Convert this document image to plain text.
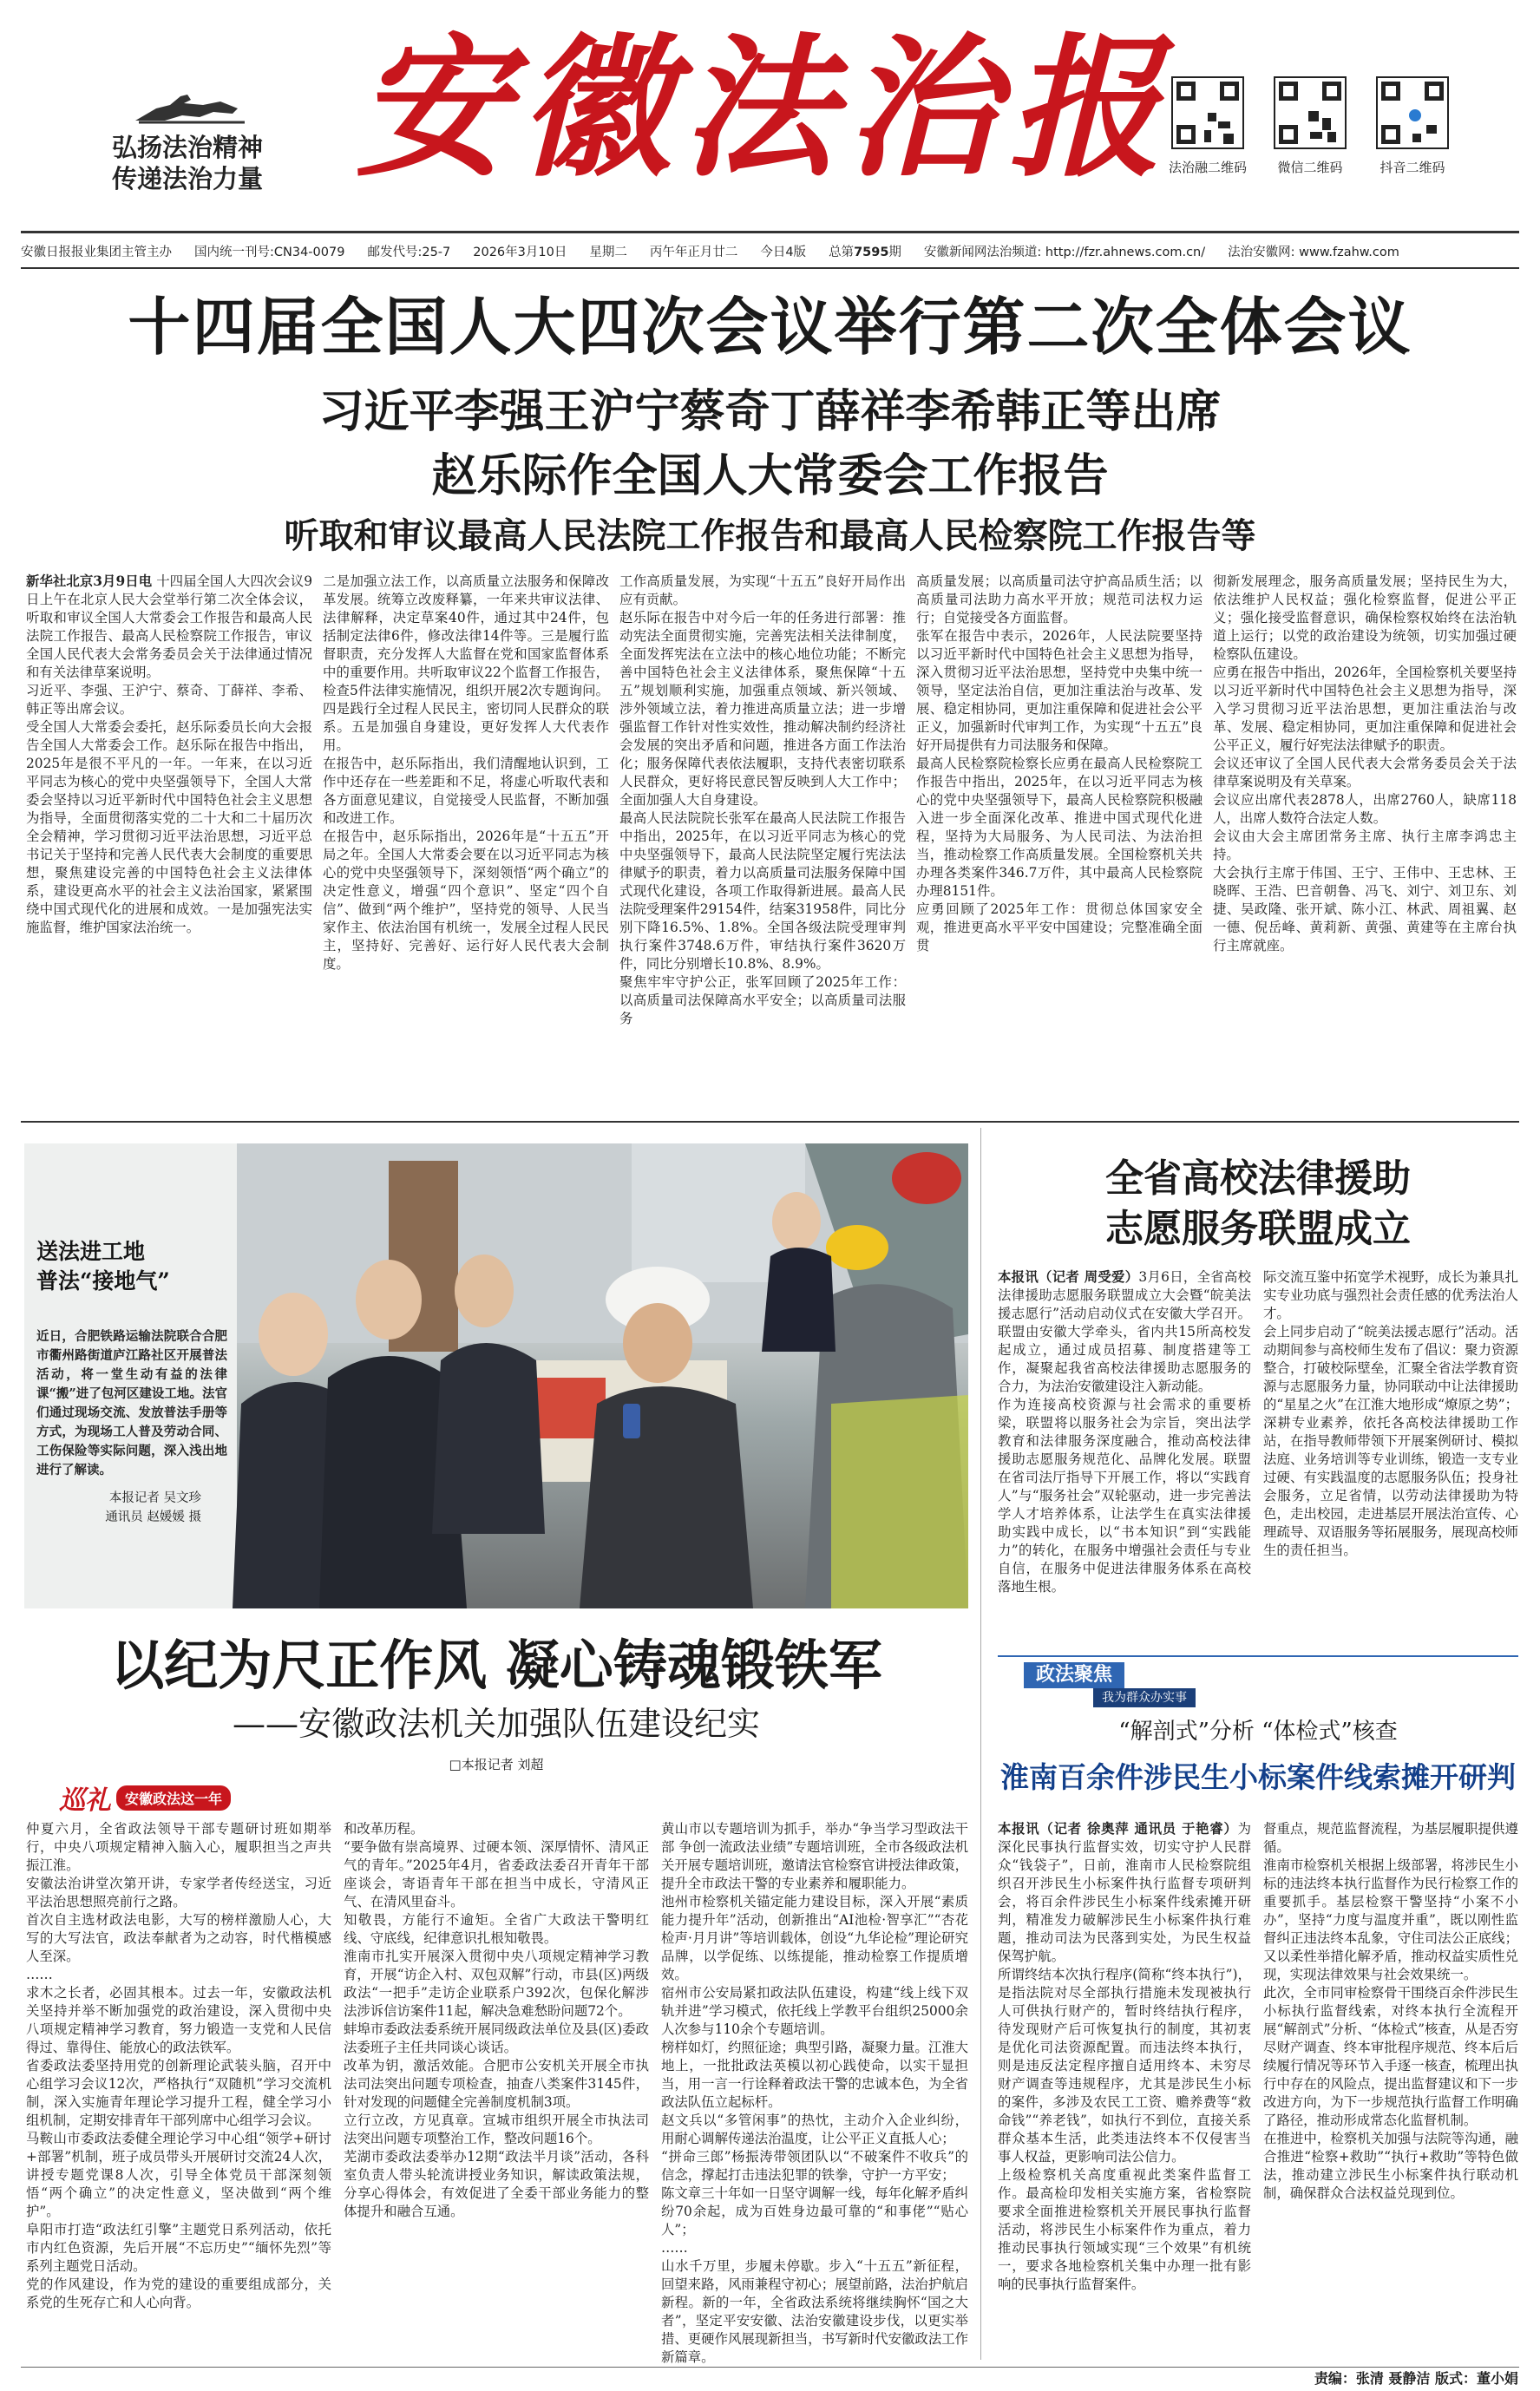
弘扬法治精神
传递法治力量 安徽法治报
法治融二维码	微信二维码	抖音二维码
安徽日报报业集团主管主办 国内统一刊号:CN34-0079 邮发代号:25-7 2026年3月10日 星期二 丙午年正月廿二 今日4版 总第7595期 安徽新闻网法治频道: http://fzr.ahnews.com.cn/ 法治安徽网: www.fzahw.com
十四届全国人大四次会议举行第二次全体会议
习近平李强王沪宁蔡奇丁薛祥李希韩正等出席
赵乐际作全国人大常委会工作报告
听取和审议最高人民法院工作报告和最高人民检察院工作报告等
新华社北京3月9日电 十四届全国人大四次会议9日上午在北京人民大会堂举行第二次全体会议，听取和审议全国人大常委会工作报告和最高人民法院工作报告、最高人民检察院工作报告，审议全国人民代表大会常务委员会关于法律通过情况和有关法律草案说明。
习近平、李强、王沪宁、蔡奇、丁薛祥、李希、韩正等出席会议。
受全国人大常委会委托，赵乐际委员长向大会报告全国人大常委会工作。赵乐际在报告中指出，2025年是很不平凡的一年。一年来，在以习近平同志为核心的党中央坚强领导下，全国人大常委会坚持以习近平新时代中国特色社会主义思想为指导，全面贯彻落实党的二十大和二十届历次全会精神，学习贯彻习近平法治思想，习近平总书记关于坚持和完善人民代表大会制度的重要思想，聚焦建设完善的中国特色社会主义法律体系，建设更高水平的社会主义法治国家，紧紧围绕中国式现代化的进展和成效。一是加强宪法实施监督，维护国家法治统一。
二是加强立法工作，以高质量立法服务和保障改革发展。统筹立改废释纂，一年来共审议法律、法律解释，决定草案40件，通过其中24件，包括制定法律6件，修改法律14件等。三是履行监督职责，充分发挥人大监督在党和国家监督体系中的重要作用。共听取审议22个监督工作报告，检查5件法律实施情况，组织开展2次专题询问。四是践行全过程人民民主，密切同人民群众的联系。五是加强自身建设，更好发挥人大代表作用。
在报告中，赵乐际指出，我们清醒地认识到，工作中还存在一些差距和不足，将虚心听取代表和各方面意见建议，自觉接受人民监督，不断加强和改进工作。
在报告中，赵乐际指出，2026年是“十五五”开局之年。全国人大常委会要在以习近平同志为核心的党中央坚强领导下，深刻领悟“两个确立”的决定性意义，增强“四个意识”、坚定“四个自信”、做到“两个维护”，坚持党的领导、人民当家作主、依法治国有机统一，发展全过程人民民主，坚持好、完善好、运行好人民代表大会制度。
工作高质量发展，为实现“十五五”良好开局作出应有贡献。
赵乐际在报告中对今后一年的任务进行部署：推动宪法全面贯彻实施，完善宪法相关法律制度，全面发挥宪法在立法中的核心地位功能；不断完善中国特色社会主义法律体系，聚焦保障“十五五”规划顺利实施，加强重点领域、新兴领域、涉外领域立法，着力推进高质量立法；进一步增强监督工作针对性实效性，推动解决制约经济社会发展的突出矛盾和问题，推进各方面工作法治化；服务保障代表依法履职，支持代表密切联系人民群众，更好将民意民智反映到人大工作中；全面加强人大自身建设。
最高人民法院院长张军在最高人民法院工作报告中指出，2025年，在以习近平同志为核心的党中央坚强领导下，最高人民法院坚定履行宪法法律赋予的职责，着力以高质量司法服务保障中国式现代化建设，各项工作取得新进展。最高人民法院受理案件29154件，结案31958件，同比分别下降16.5%、1.8%。全国各级法院受理审判执行案件3748.6万件，审结执行案件3620万件，同比分别增长10.8%、8.9%。
聚焦牢牢守护公正，张军回顾了2025年工作：以高质量司法保障高水平安全；以高质量司法服务
高质量发展；以高质量司法守护高品质生活；以高质量司法助力高水平开放；规范司法权力运行；自觉接受各方面监督。
张军在报告中表示，2026年，人民法院要坚持以习近平新时代中国特色社会主义思想为指导，深入贯彻习近平法治思想，坚持党中央集中统一领导，坚定法治自信，更加注重法治与改革、发展、稳定相协同，更加注重保障和促进社会公平正义，加强新时代审判工作，为实现“十五五”良好开局提供有力司法服务和保障。
最高人民检察院检察长应勇在最高人民检察院工作报告中指出，2025年，在以习近平同志为核心的党中央坚强领导下，最高人民检察院积极融入进一步全面深化改革、推进中国式现代化进程，坚持为大局服务、为人民司法、为法治担当，推动检察工作高质量发展。全国检察机关共办理各类案件346.7万件，其中最高人民检察院办理8151件。
应勇回顾了2025年工作：贯彻总体国家安全观，推进更高水平平安中国建设；完整准确全面贯
彻新发展理念，服务高质量发展；坚持民生为大，依法维护人民权益；强化检察监督，促进公平正义；强化接受监督意识，确保检察权始终在法治轨道上运行；以党的政治建设为统领，切实加强过硬检察队伍建设。
应勇在报告中指出，2026年，全国检察机关要坚持以习近平新时代中国特色社会主义思想为指导，深入学习贯彻习近平法治思想，更加注重法治与改革、发展、稳定相协同，更加注重保障和促进社会公平正义，履行好宪法法律赋予的职责。
会议还审议了全国人民代表大会常务委员会关于法律草案说明及有关草案。
会议应出席代表2878人，出席2760人，缺席118人，出席人数符合法定人数。
会议由大会主席团常务主席、执行主席李鸿忠主持。
大会执行主席于伟国、王宁、王伟中、王忠林、王晓晖、王浩、巴音朝鲁、冯飞、刘宁、刘卫东、刘捷、吴政隆、张开斌、陈小江、林武、周祖翼、赵一德、倪岳峰、黄莉新、黄强、黄建等在主席台执行主席就座。
送法进工地
普法“接地气”
近日，合肥铁路运输法院联合合肥市衢州路街道庐江路社区开展普法活动，将一堂生动有益的法律课“搬”进了包河区建设工地。法官们通过现场交流、发放普法手册等方式，为现场工人普及劳动合同、工伤保险等实际问题，深入浅出地进行了解读。
本报记者 吴文珍
通讯员 赵媛媛 摄
以纪为尺正作风 凝心铸魂锻铁军
——安徽政法机关加强队伍建设纪实
□本报记者 刘超
巡礼	安徽政法这一年
仲夏六月，全省政法领导干部专题研讨班如期举行，中央八项规定精神入脑入心，履职担当之声共振江淮。
安徽法治讲堂次第开讲，专家学者传经送宝，习近平法治思想照亮前行之路。
首次自主选材政法电影，大写的榜样激励人心，大写的大写法官，政法奉献者为之动容，时代楷模感人至深。
……
求木之长者，必固其根本。过去一年，安徽政法机关坚持并举不断加强党的政治建设，深入贯彻中央八项规定精神学习教育，努力锻造一支党和人民信得过、靠得住、能放心的政法铁军。
省委政法委坚持用党的创新理论武装头脑，召开中心组学习会议12次，严格执行“双随机”学习交流机制，深入实施青年理论学习提升工程，健全学习小组机制，定期安排青年干部列席中心组学习会议。
马鞍山市委政法委健全理论学习中心组“领学+研讨+部署”机制，班子成员带头开展研讨交流24人次，讲授专题党课8人次，引导全体党员干部深刻领悟“两个确立”的决定性意义，坚决做到“两个维护”。
阜阳市打造“政法红引擎”主题党日系列活动，依托市内红色资源，先后开展“不忘历史”“缅怀先烈”等系列主题党日活动。
党的作风建设，作为党的建设的重要组成部分，关系党的生死存亡和人心向背。
和改革历程。
“要争做有崇高境界、过硬本领、深厚情怀、清风正气的青年。”2025年4月，省委政法委召开青年干部座谈会，寄语青年干部在担当中成长，守清风正气、在清风里奋斗。
知敬畏，方能行不逾矩。全省广大政法干警明红线、守底线，纪律意识扎根知敬畏。
淮南市扎实开展深入贯彻中央八项规定精神学习教育，开展“访企入村、双包双解”行动，市县(区)两级政法“一把手”走访企业联系户392次，包保化解涉法涉诉信访案件11起，解决急难愁盼问题72个。
蚌埠市委政法委系统开展同级政法单位及县(区)委政法委班子主任共同谈心谈话。
改革为钥，激活效能。合肥市公安机关开展全市执法司法突出问题专项检查，抽查八类案件3145件，针对发现的问题健全完善制度机制3项。
立行立改，方见真章。宣城市组织开展全市执法司法突出问题专项整治工作，整改问题16个。
芜湖市委政法委举办12期“政法半月谈”活动，各科室负责人带头轮流讲授业务知识，解读政策法规，分享心得体会，有效促进了全委干部业务能力的整体提升和融合互通。
黄山市以专题培训为抓手，举办“争当学习型政法干部 争创一流政法业绩”专题培训班，全市各级政法机关开展专题培训班，邀请法官检察官讲授法律政策，提升全市政法干警的专业素养和履职能力。
池州市检察机关锚定能力建设目标，深入开展“素质能力提升年”活动，创新推出“AI池检·智享汇”“杏花检声·月月讲”等培训载体，创设“九华论检”理论研究品牌，以学促练、以练提能，推动检察工作提质增效。
宿州市公安局紧扣政法队伍建设，构建“线上线下双轨并进”学习模式，依托线上学教平台组织25000余人次参与110余个专题培训。
榜样如灯，约照征途；典型引路，凝聚力量。江淮大地上，一批批政法英模以初心践使命，以实干显担当，用一言一行诠释着政法干警的忠诚本色，为全省政法队伍立起标杆。
赵文兵以“多管闲事”的热忱，主动介入企业纠纷，用耐心调解传递法治温度，让公平正义直抵人心；
“拼命三郎”杨振涛带领团队以“不破案件不收兵”的信念，撑起打击违法犯罪的铁拳，守护一方平安；
陈文章三十年如一日坚守调解一线，每年化解矛盾纠纷70余起，成为百姓身边最可靠的“和事佬”“贴心人”；
……
山水千万里，步履未停歇。步入“十五五”新征程，回望来路，风雨兼程守初心；展望前路，法治护航启新程。新的一年，全省政法系统将继续胸怀“国之大者”，坚定平安安徽、法治安徽建设步伐，以更实举措、更硬作风展现新担当，书写新时代安徽政法工作新篇章。
全省高校法律援助
志愿服务联盟成立
本报讯（记者 周受爱）3月6日，全省高校法律援助志愿服务联盟成立大会暨“皖美法援志愿行”活动启动仪式在安徽大学召开。联盟由安徽大学牵头，省内共15所高校发起成立，通过成员招募、制度搭建等工作，凝聚起我省高校法律援助志愿服务的合力，为法治安徽建设注入新动能。
作为连接高校资源与社会需求的重要桥梁，联盟将以服务社会为宗旨，突出法学教育和法律服务深度融合，推动高校法律援助志愿服务规范化、品牌化发展。联盟在省司法厅指导下开展工作，将以“实践育人”与“服务社会”双轮驱动，进一步完善法学人才培养体系，让法学生在真实法律援助实践中成长，以“书本知识”到“实践能力”的转化，在服务中增强社会责任与专业自信，在服务中促进法律服务体系在高校落地生根。
际交流互鉴中拓宽学术视野，成长为兼具扎实专业功底与强烈社会责任感的优秀法治人才。
会上同步启动了“皖美法援志愿行”活动。活动期间参与高校师生发布了倡议：聚力资源整合，打破校际壁垒，汇聚全省法学教育资源与志愿服务力量，协同联动中让法律援助的“星星之火”在江淮大地形成“燎原之势”；深耕专业素养，依托各高校法律援助工作站，在指导教师带领下开展案例研讨、模拟法庭、业务培训等专业训练，锻造一支专业过硬、有实践温度的志愿服务队伍；投身社会服务，立足省情，以劳动法律援助为特色，走出校园，走进基层开展法治宣传、心理疏导、双语服务等拓展服务，展现高校师生的责任担当。
政法聚焦 我为群众办实事
“解剖式”分析 “体检式”核查
淮南百余件涉民生小标案件线索摊开研判
本报讯（记者 徐奥萍 通讯员 于艳睿）为深化民事执行监督实效，切实守护人民群众“钱袋子”，日前，淮南市人民检察院组织召开涉民生小标案件执行监督专项研判会，将百余件涉民生小标案件线索摊开研判，精准发力破解涉民生小标案件执行难题，推动司法为民落到实处，为民生权益保驾护航。
所谓终结本次执行程序(简称“终本执行”)，是指法院对尽全部执行措施未发现被执行人可供执行财产的，暂时终结执行程序，待发现财产后可恢复执行的制度，其初衷是优化司法资源配置。而违法终本执行，则是违反法定程序擅自适用终本、未穷尽财产调查等违规程序，尤其是涉民生小标的案件，多涉及农民工工资、赡养费等“救命钱”“养老钱”，如执行不到位，直接关系群众基本生活，此类违法终本不仅侵害当事人权益，更影响司法公信力。
上级检察机关高度重视此类案件监督工作。最高检印发相关实施方案，省检察院要求全面推进检察机关开展民事执行监督活动，将涉民生小标案件作为重点，着力推动民事执行领域实现“三个效果”有机统一，要求各地检察机关集中办理一批有影响的民事执行监督案件。
督重点，规范监督流程，为基层履职提供遵循。
淮南市检察机关根据上级部署，将涉民生小标的违法终本执行监督作为民行检察工作的重要抓手。基层检察干警坚持“小案不小办”，坚持“力度与温度并重”，既以刚性监督纠正违法终本乱象，守住司法公正底线；又以柔性举措化解矛盾，推动权益实质性兑现，实现法律效果与社会效果统一。
此次，全市同审检察骨干围绕百余件涉民生小标执行监督线索，对终本执行全流程开展“解剖式”分析、“体检式”核查，从是否穷尽财产调查、终本审批程序规范、终本后后续履行情况等环节入手逐一核查，梳理出执行中存在的风险点，提出监督建议和下一步改进方向，为下一步规范执行监督工作明确了路径，推动形成常态化监督机制。
在推进中，检察机关加强与法院等沟通，融合推进“检察+救助”“执行+救助”等特色做法，推动建立涉民生小标案件执行联动机制，确保群众合法权益兑现到位。
责编：张清 聂静洁 版式：董小娟
